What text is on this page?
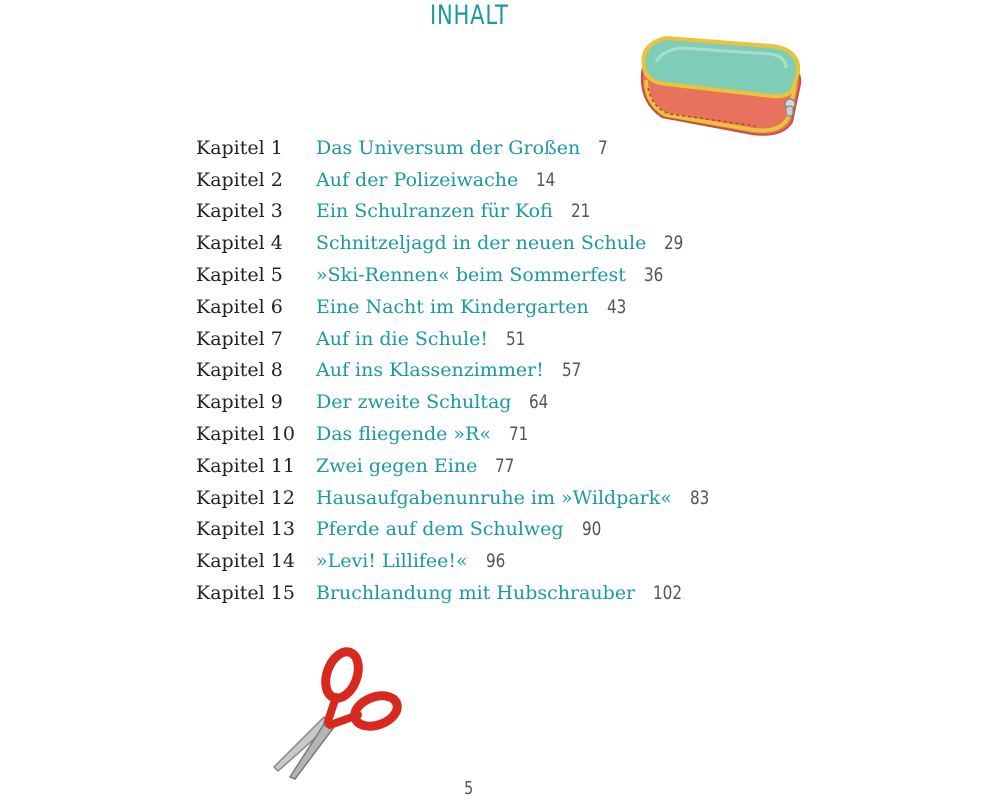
INHALT
Kapitel 1	Das Universum der Großen 7
Kapitel 2	Auf der Polizeiwache 14
Kapitel 3	Ein Schulranzen für Kofi 21
Kapitel 4	Schnitzeljagd in der neuen Schule 29
Kapitel 5	»Ski-Rennen« beim Sommerfest 36
Kapitel 6	Eine Nacht im Kindergarten 43
Kapitel 7	Auf in die Schule! 51
Kapitel 8	Auf ins Klassenzimmer! 57
Kapitel 9	Der zweite Schultag 64
Kapitel 10	Das fliegende »R« 71
Kapitel 11	Zwei gegen Eine 77
Kapitel 12	Hausaufgabenunruhe im »Wildpark« 83
Kapitel 13	Pferde auf dem Schulweg 90
Kapitel 14	»Levi! Lillifee!« 96
Kapitel 15	Bruchlandung mit Hubschrauber 102
5
